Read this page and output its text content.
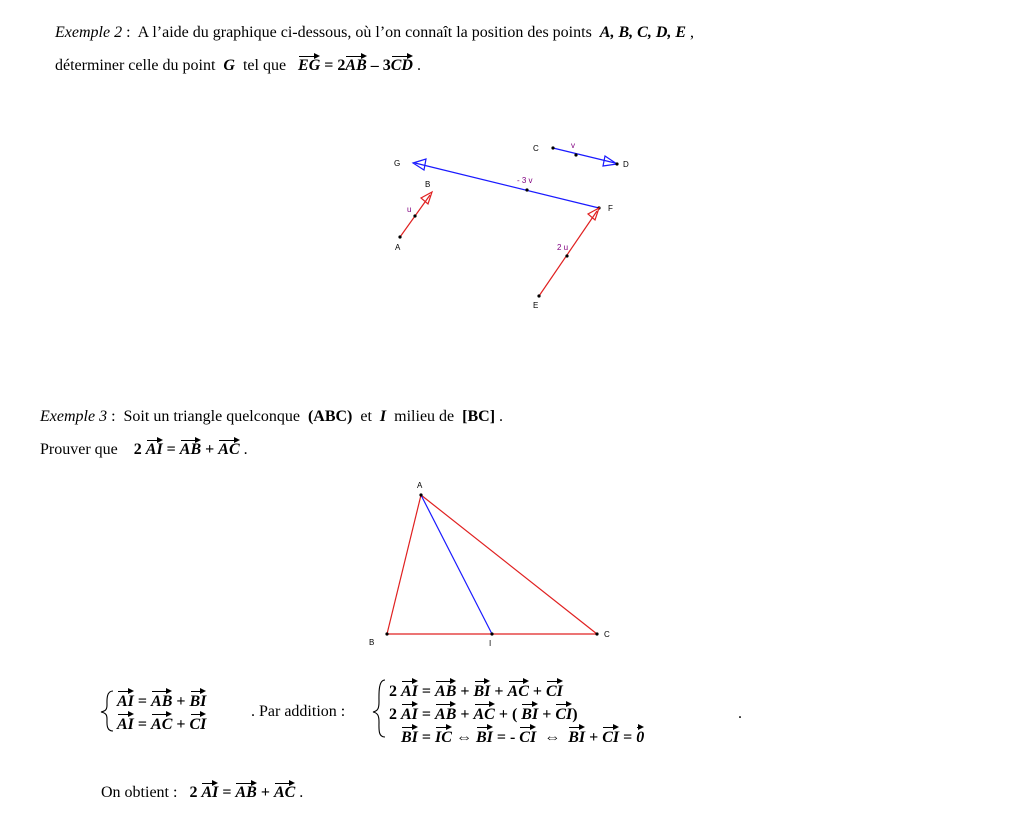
Exemple 2 :  A l’aide du graphique ci-dessous, où l’on connaît la position des points A, B, C, D, E ,
déterminer celle du point G tel que EG = 2AB – 3CD .
C	v
D
G
B	- 3 v
F
u
A	2 u
E
A
B	I
C
Exemple 3 :  Soit un triangle quelconque (ABC) et I milieu de [BC] .
Prouver que 2 AI = AB + AC .
AI = AB + BI
AI = AC + CI
. Par addition :
2 AI = AB + BI + AC + CI
2 AI = AB + AC + ( BI + CI)
BI = IC ⇔ BI = - CI ⇔ BI + CI = 0
.
On obtient : 2 AI = AB + AC .
